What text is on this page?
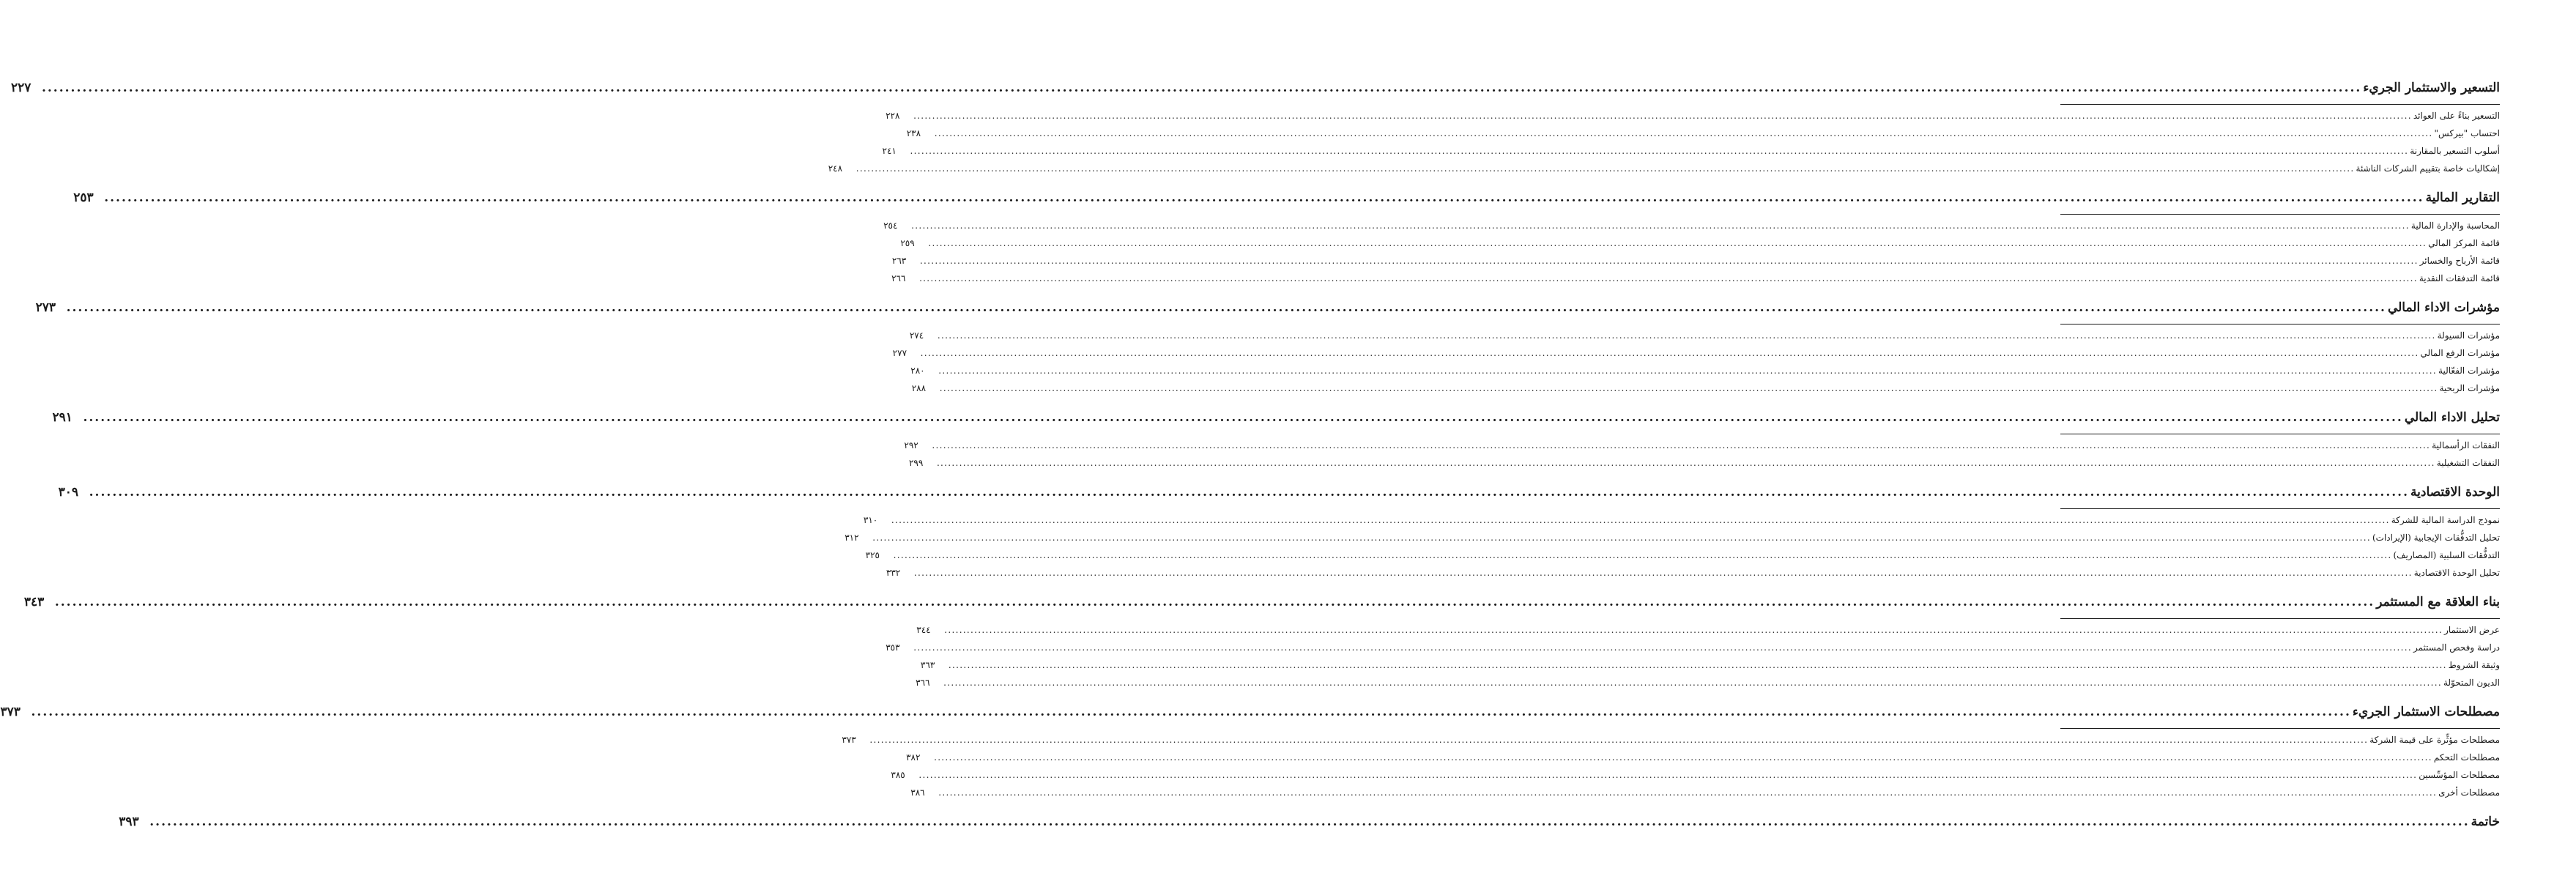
التسعير والاستثمار الجريء
................................................................................................................................................................................................................................................................................................................................................................................................................
٢٢٧
التسعير بناءً على العوائد
................................................................................................................................................................................................................................................................................................................................................................................................................
٢٢٨
احتساب "بيركس"
................................................................................................................................................................................................................................................................................................................................................................................................................
٢٣٨
أسلوب التسعير بالمقارنة
................................................................................................................................................................................................................................................................................................................................................................................................................
٢٤١
إشكاليات خاصة بتقييم الشركات الناشئة
................................................................................................................................................................................................................................................................................................................................................................................................................
٢٤٨
التقارير المالية
................................................................................................................................................................................................................................................................................................................................................................................................................
٢٥٣
المحاسبة والإدارة المالية
................................................................................................................................................................................................................................................................................................................................................................................................................
٢٥٤
قائمة المركز المالي
................................................................................................................................................................................................................................................................................................................................................................................................................
٢٥٩
قائمة الأرباح والخسائر
................................................................................................................................................................................................................................................................................................................................................................................................................
٢٦٣
قائمة التدفقات النقدية
................................................................................................................................................................................................................................................................................................................................................................................................................
٢٦٦
مؤشرات الاداء المالي
................................................................................................................................................................................................................................................................................................................................................................................................................
٢٧٣
مؤشرات السيولة
................................................................................................................................................................................................................................................................................................................................................................................................................
٢٧٤
مؤشرات الرفع المالي
................................................................................................................................................................................................................................................................................................................................................................................................................
٢٧٧
مؤشرات الفعّالية
................................................................................................................................................................................................................................................................................................................................................................................................................
٢٨٠
مؤشرات الربحية
................................................................................................................................................................................................................................................................................................................................................................................................................
٢٨٨
تحليل الاداء المالي
................................................................................................................................................................................................................................................................................................................................................................................................................
٢٩١
النفقات الرأسمالية
................................................................................................................................................................................................................................................................................................................................................................................................................
٢٩٢
النفقات التشغيلية
................................................................................................................................................................................................................................................................................................................................................................................................................
٢٩٩
الوحدة الاقتصادية
................................................................................................................................................................................................................................................................................................................................................................................................................
٣٠٩
نموذج الدراسة المالية للشركة
................................................................................................................................................................................................................................................................................................................................................................................................................
٣١٠
تحليل التدفُّقات الإيجابية (الإيرادات)
................................................................................................................................................................................................................................................................................................................................................................................................................
٣١٢
التدفُّقات السلبية (المصاريف)
................................................................................................................................................................................................................................................................................................................................................................................................................
٣٢٥
تحليل الوحدة الاقتصادية
................................................................................................................................................................................................................................................................................................................................................................................................................
٣٣٢
بناء العلاقة مع المستثمر
................................................................................................................................................................................................................................................................................................................................................................................................................
٣٤٣
عرض الاستثمار
................................................................................................................................................................................................................................................................................................................................................................................................................
٣٤٤
دراسة وفحص المستثمر
................................................................................................................................................................................................................................................................................................................................................................................................................
٣٥٣
وثيقة الشروط
................................................................................................................................................................................................................................................................................................................................................................................................................
٣٦٣
الديون المتحوّلة
................................................................................................................................................................................................................................................................................................................................................................................................................
٣٦٦
مصطلحات الاستثمار الجريء
................................................................................................................................................................................................................................................................................................................................................................................................................
٣٧٣
مصطلحات مؤثِّرة على قيمة الشركة
................................................................................................................................................................................................................................................................................................................................................................................................................
٣٧٣
مصطلحات التحكم
................................................................................................................................................................................................................................................................................................................................................................................................................
٣٨٢
مصطلحات المؤسِّسين
................................................................................................................................................................................................................................................................................................................................................................................................................
٣٨٥
مصطلحات أخرى
................................................................................................................................................................................................................................................................................................................................................................................................................
٣٨٦
خاتمة
................................................................................................................................................................................................................................................................................................................................................................................................................
٣٩٣
